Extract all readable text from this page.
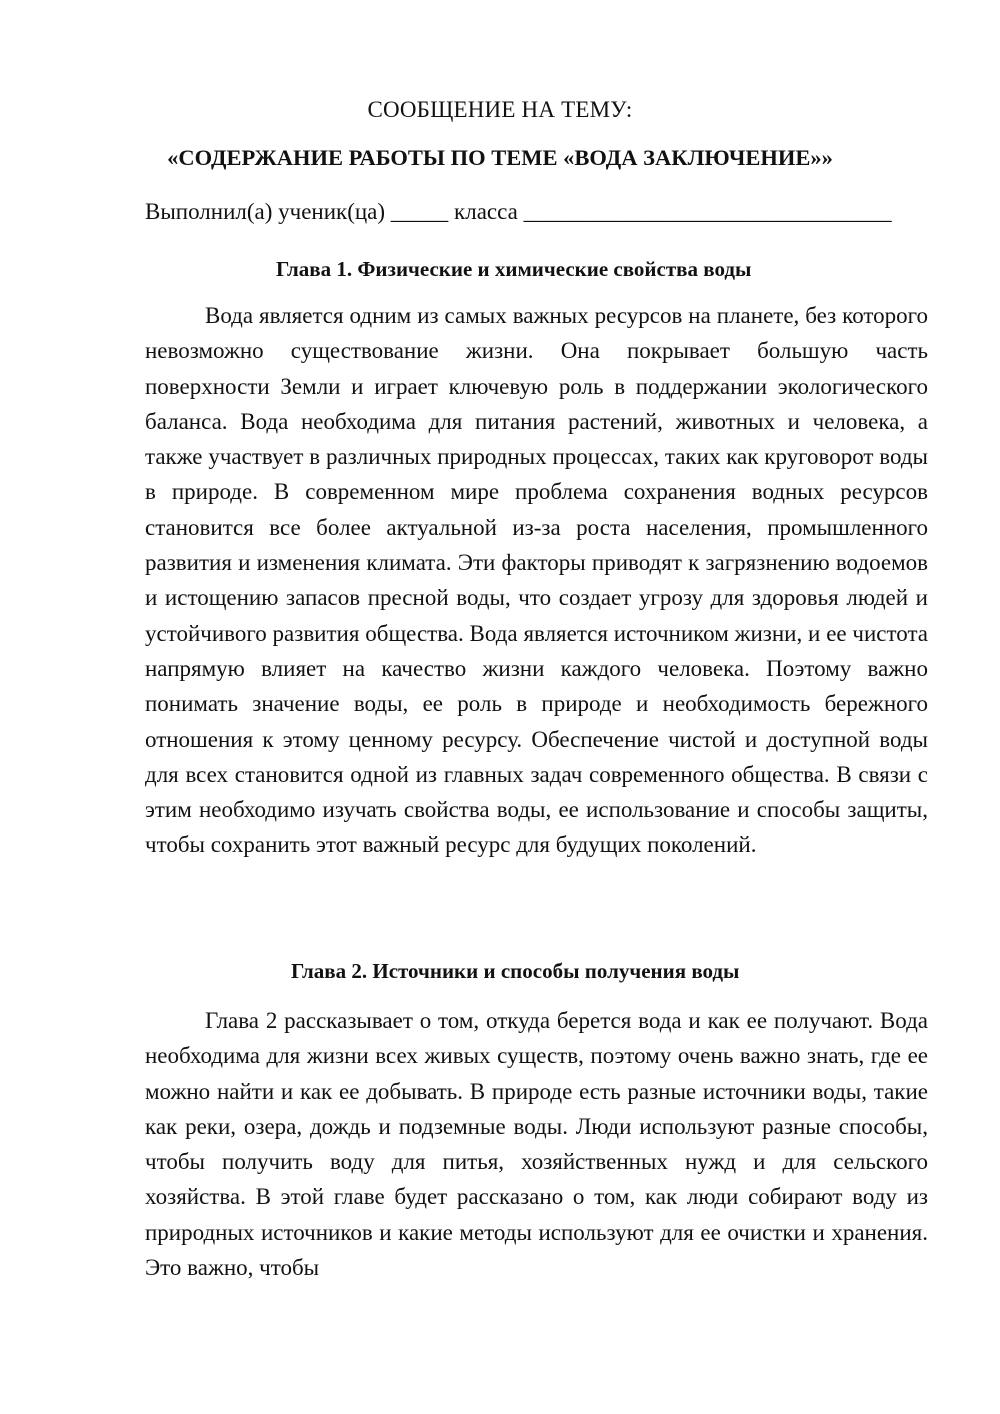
СООБЩЕНИЕ НА ТЕМУ:
«СОДЕРЖАНИЕ РАБОТЫ ПО ТЕМЕ «ВОДА ЗАКЛЮЧЕНИЕ»»
Выполнил(а) ученик(ца) _____ класса ________________________________
Глава 1. Физические и химические свойства воды
Вода является одним из самых важных ресурсов на планете, без которого невозможно существование жизни. Она покрывает большую часть поверхности Земли и играет ключевую роль в поддержании экологического баланса. Вода необходима для питания растений, животных и человека, а также участвует в различных природных процессах, таких как круговорот воды в природе. В современном мире проблема сохранения водных ресурсов становится все более актуальной из-за роста населения, промышленного развития и изменения климата. Эти факторы приводят к загрязнению водоемов и истощению запасов пресной воды, что создает угрозу для здоровья людей и устойчивого развития общества. Вода является источником жизни, и ее чистота напрямую влияет на качество жизни каждого человека. Поэтому важно понимать значение воды, ее роль в природе и необходимость бережного отношения к этому ценному ресурсу. Обеспечение чистой и доступной воды для всех становится одной из главных задач современного общества. В связи с этим необходимо изучать свойства воды, ее использование и способы защиты, чтобы сохранить этот важный ресурс для будущих поколений.
Глава 2. Источники и способы получения воды
Глава 2 рассказывает о том, откуда берется вода и как ее получают. Вода необходима для жизни всех живых существ, поэтому очень важно знать, где ее можно найти и как ее добывать. В природе есть разные источники воды, такие как реки, озера, дождь и подземные воды. Люди используют разные способы, чтобы получить воду для питья, хозяйственных нужд и для сельского хозяйства. В этой главе будет рассказано о том, как люди собирают воду из природных источников и какие методы используют для ее очистки и хранения. Это важно, чтобы
